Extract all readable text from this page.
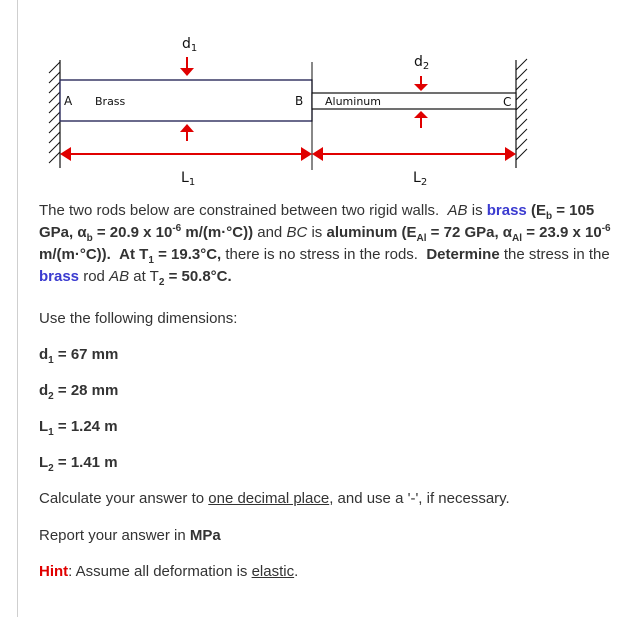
A Brass	B Aluminum	C
$d_1$
$d_2$
$L_1$	$L_2$

The two rods below are constrained between two rigid walls. AB is brass ($E_b = 105$ GPa, $\alpha_b = 20.9$ x $10^{-6}$ m/(m·°C)) and BC is aluminum ($E_{Al} = 72$ GPa, $\alpha_{Al} = 23.9$ x $10^{-6}$ m/(m·°C)). At $T_1 = 19.3^\circ C$, there is no stress in the rods. Determine the stress in the brass rod AB at $T_2 = 50.8^\circ C$.

Use the following dimensions:
$d_1 = 67$ mm
$d_2 = 28$ mm
$L_1 = 1.24$ m
$L_2 = 1.41$ m
Calculate your answer to one decimal place, and use a '-', if necessary.
Report your answer in MPa
Hint: Assume all deformation is elastic.
